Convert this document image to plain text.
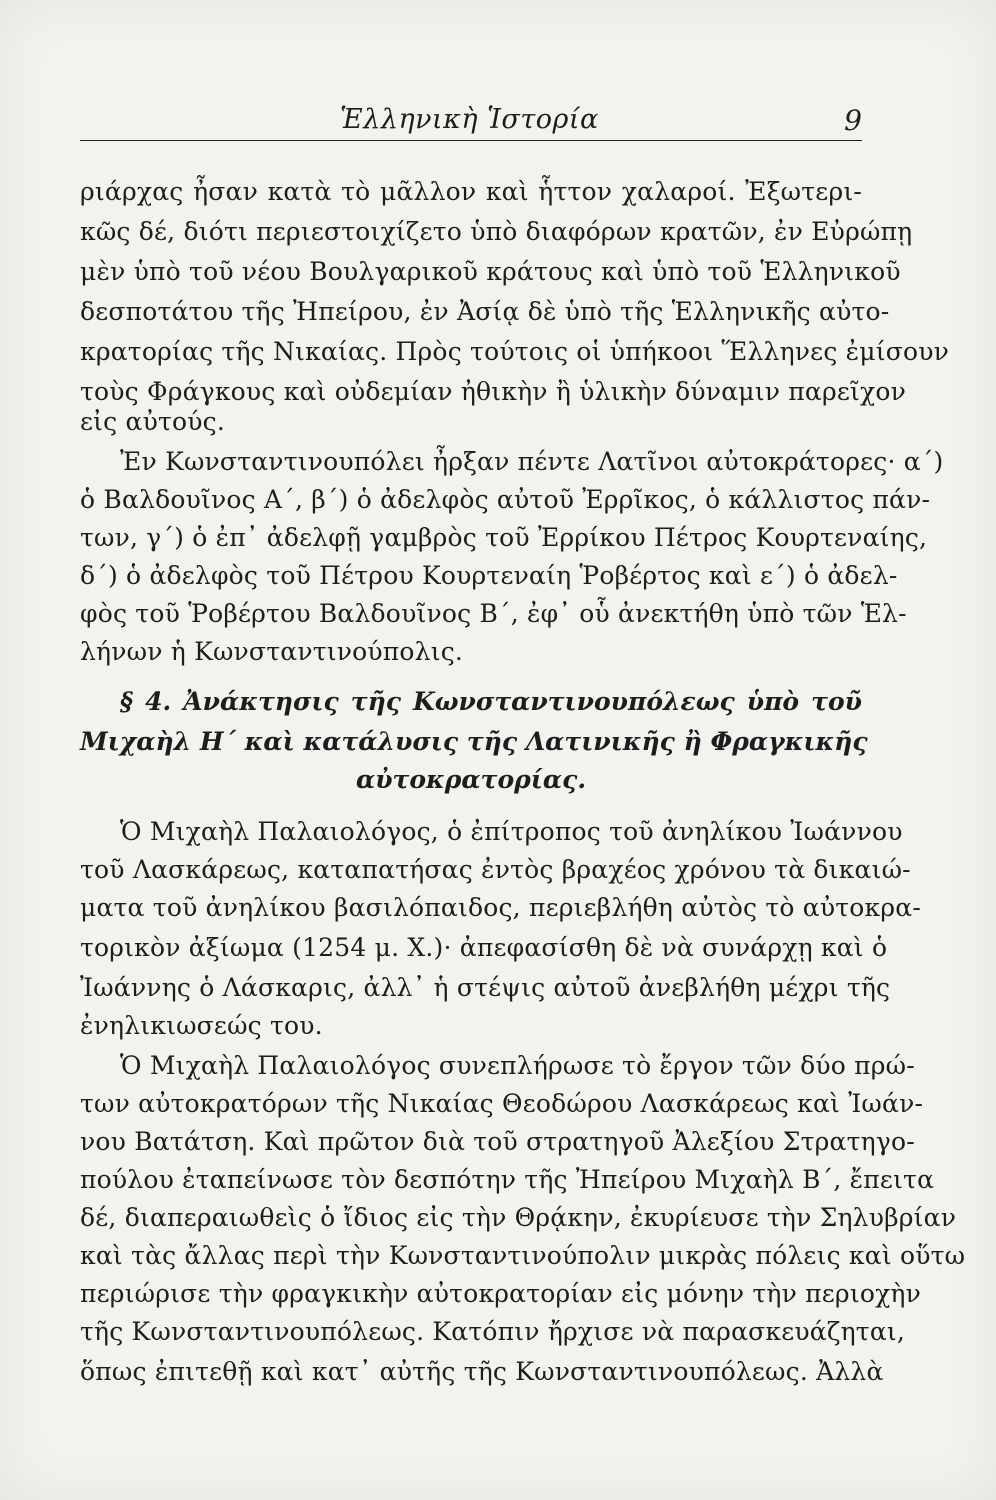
Ἑλληνικὴ Ἱστορία	9
ριάρχας ἦσαν κατὰ τὸ μᾶλλον καὶ ἧττον χαλαροί. Ἐξωτερι-
κῶς δέ, διότι περιεστοιχίζετο ὑπὸ διαφόρων κρατῶν, ἐν Εὐρώπῃ
μὲν ὑπὸ τοῦ νέου Βουλγαρικοῦ κράτους καὶ ὑπὸ τοῦ Ἑλληνικοῦ
δεσποτάτου τῆς Ἠπείρου, ἐν Ἀσίᾳ δὲ ὑπὸ τῆς Ἑλληνικῆς αὐτο-
κρατορίας τῆς Νικαίας. Πρὸς τούτοις οἱ ὑπήκοοι Ἕλληνες ἐμίσουν
τοὺς Φράγκους καὶ οὐδεμίαν ἠθικὴν ἢ ὑλικὴν δύναμιν παρεῖχον
εἰς αὐτούς.
Ἐν Κωνσταντινουπόλει ἦρξαν πέντε Λατῖνοι αὐτοκράτορες· α΄)
ὁ Βαλδουῖνος Α΄, β΄) ὁ ἀδελφὸς αὐτοῦ Ἐρρῖκος, ὁ κάλλιστος πάν-
των, γ΄) ὁ ἐπ᾽ ἀδελφῇ γαμβρὸς τοῦ Ἐρρίκου Πέτρος Κουρτεναίης,
δ΄) ὁ ἀδελφὸς τοῦ Πέτρου Κουρτεναίη Ῥοβέρτος καὶ ε΄) ὁ ἀδελ-
φὸς τοῦ Ῥοβέρτου Βαλδουῖνος Β΄, ἐφ᾽ οὗ ἀνεκτήθη ὑπὸ τῶν Ἑλ-
λήνων ἡ Κωνσταντινούπολις.
§ 4. Ἀνάκτησις τῆς Κωνσταντινουπόλεως ὑπὸ τοῦ
Μιχαὴλ Η΄ καὶ κατάλυσις τῆς Λατινικῆς ἢ Φραγκικῆς
αὐτοκρατορίας.
Ὁ Μιχαὴλ Παλαιολόγος, ὁ ἐπίτροπος τοῦ ἀνηλίκου Ἰωάννου
τοῦ Λασκάρεως, καταπατήσας ἐντὸς βραχέος χρόνου τὰ δικαιώ-
ματα τοῦ ἀνηλίκου βασιλόπαιδος, περιεβλήθη αὐτὸς τὸ αὐτοκρα-
τορικὸν ἀξίωμα (1254 μ. Χ.)· ἀπεφασίσθη δὲ νὰ συνάρχῃ καὶ ὁ
Ἰωάννης ὁ Λάσκαρις, ἀλλ᾽ ἡ στέψις αὐτοῦ ἀνεβλήθη μέχρι τῆς
ἐνηλικιωσεώς του.
Ὁ Μιχαὴλ Παλαιολόγος συνεπλήρωσε τὸ ἔργον τῶν δύο πρώ-
των αὐτοκρατόρων τῆς Νικαίας Θεοδώρου Λασκάρεως καὶ Ἰωάν-
νου Βατάτση. Καὶ πρῶτον διὰ τοῦ στρατηγοῦ Ἀλεξίου Στρατηγο-
πούλου ἐταπείνωσε τὸν δεσπότην τῆς Ἠπείρου Μιχαὴλ Β΄, ἔπειτα
δέ, διαπεραιωθεὶς ὁ ἴδιος εἰς τὴν Θρᾴκην, ἐκυρίευσε τὴν Σηλυβρίαν
καὶ τὰς ἄλλας περὶ τὴν Κωνσταντινούπολιν μικρὰς πόλεις καὶ οὕτω
περιώρισε τὴν φραγκικὴν αὐτοκρατορίαν εἰς μόνην τὴν περιοχὴν
τῆς Κωνσταντινουπόλεως. Κατόπιν ἤρχισε νὰ παρασκευάζηται,
ὅπως ἐπιτεθῇ καὶ κατ᾽ αὐτῆς τῆς Κωνσταντινουπόλεως. Ἀλλὰ
